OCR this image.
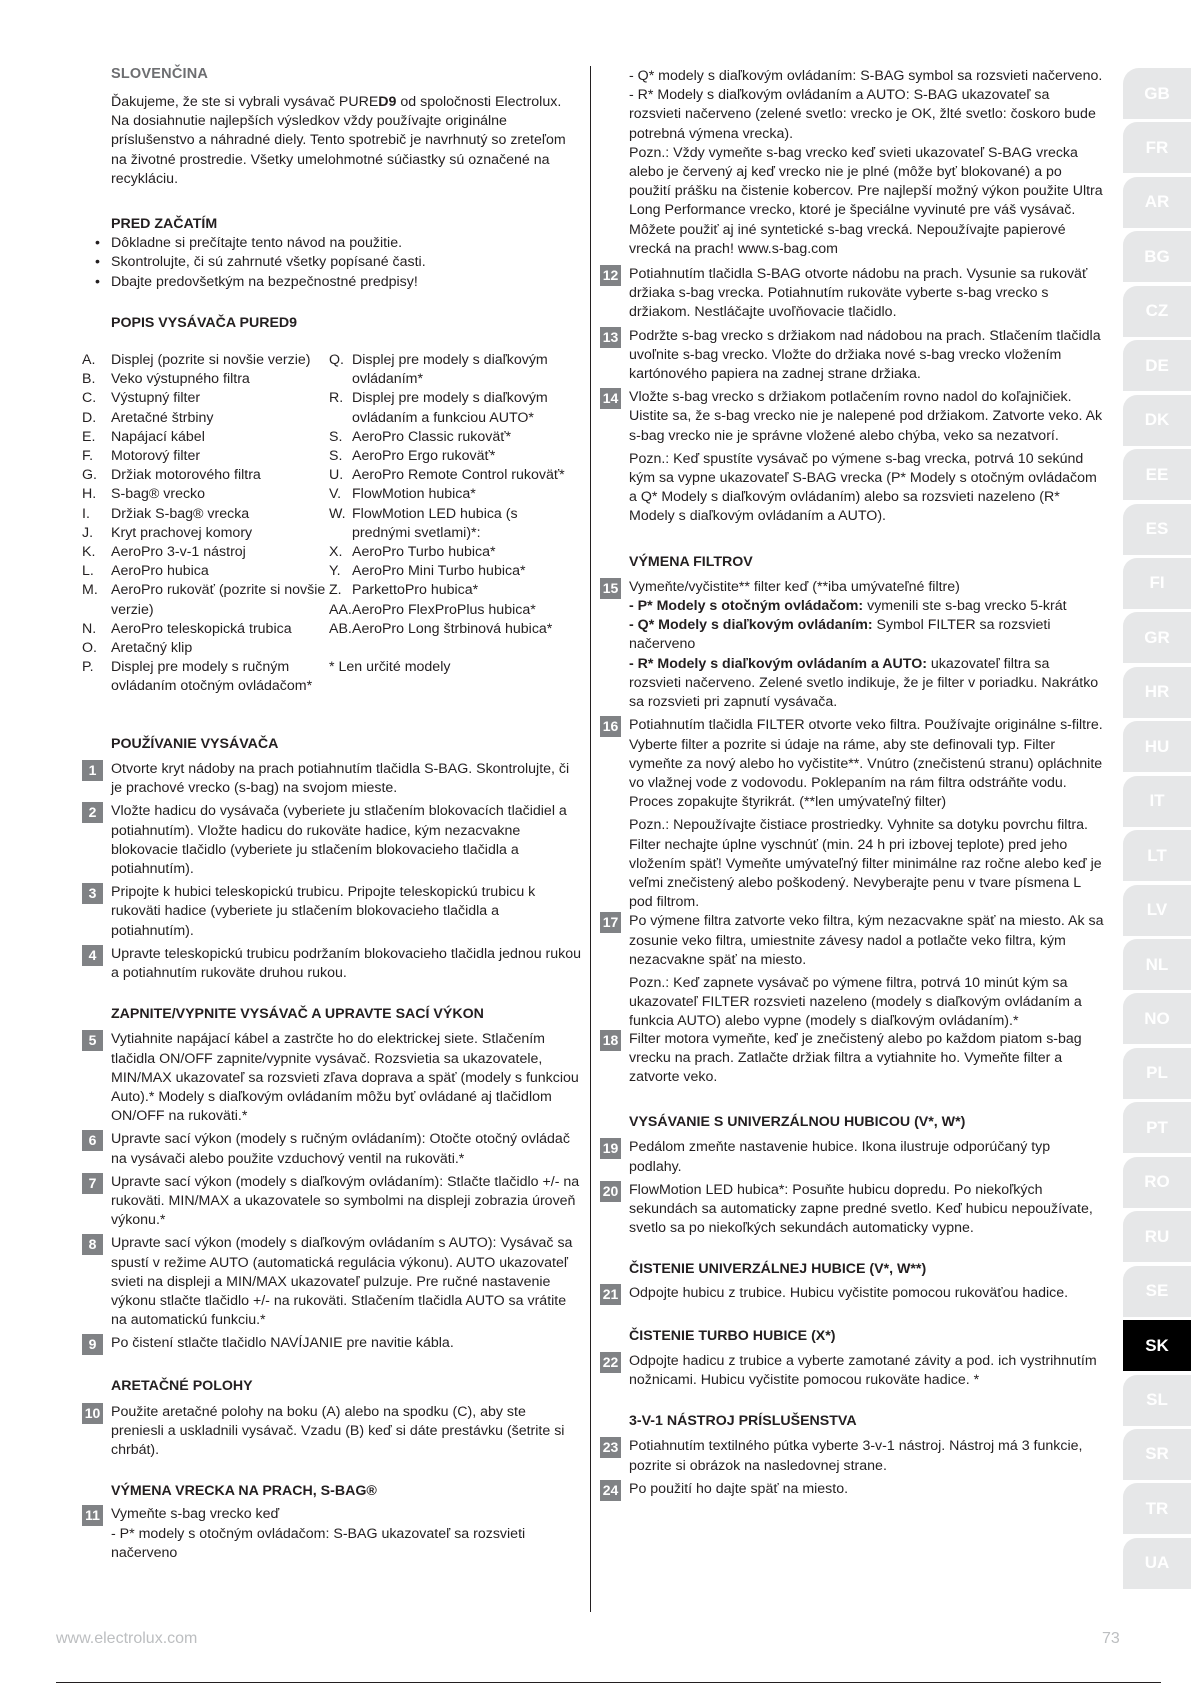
SLOVENČINA

Ďakujeme, že ste si vybrali vysávač PURED9 od spoločnosti Electrolux. Na dosiahnutie najlepších výsledkov vždy používajte originálne príslušenstvo a náhradné diely. Tento spotrebič je navrhnutý so zreteľom na životné prostredie. Všetky umelohmotné súčiastky sú označené na recykláciu.

PRED ZAČATÍM

• Dôkladne si prečítajte tento návod na použitie.
• Skontrolujte, či sú zahrnuté všetky popísané časti.
• Dbajte predovšetkým na bezpečnostné predpisy!

POPIS VYSÁVAČA PURED9

A.	Displej (pozrite si novšie verzie)
B.	Veko výstupného filtra
C.	Výstupný filter
D.	Aretačné štrbiny
E.	Napájací kábel
F.	Motorový filter
G. Držiak motorového filtra
H.	S-bag® vrecko
I.	Držiak S-bag® vrecka
J.	Kryt prachovej komory
K.	AeroPro 3-v-1 nástroj
L.	AeroPro hubica
M. AeroPro rukoväť (pozrite si novšie verzie)
N.	AeroPro teleskopická trubica
O. Aretačný klip
P.	Displej pre modely s ručným ovládaním otočným ovládačom*
Q. Displej pre modely s diaľkovým ovládaním*
R. Displej pre modely s diaľkovým ovládaním a funkciou AUTO*
S. AeroPro Classic rukoväť*
S. AeroPro Ergo rukoväť*
U. AeroPro Remote Control rukoväť*
V. FlowMotion hubica*
W. FlowMotion LED hubica (s prednými svetlami)*:
X. AeroPro Turbo hubica*
Y. AeroPro Mini Turbo hubica*
Z. ParkettoPro hubica*
AA. AeroPro FlexProPlus hubica*
AB. AeroPro Long štrbinová hubica*
* Len určité modely

POUŽÍVANIE VYSÁVAČA

1	Otvorte kryt nádoby na prach potiahnutím tlačidla S-BAG. Skontrolujte, či je prachové vrecko (s-bag) na svojom mieste.
2	Vložte hadicu do vysávača (vyberiete ju stlačením blokovacích tlačidiel a potiahnutím). Vložte hadicu do rukoväte hadice, kým nezacvakne blokovacie tlačidlo (vyberiete ju stlačením blokovacieho tlačidla a potiahnutím).
3	Pripojte k hubici teleskopickú trubicu. Pripojte teleskopickú trubicu k rukoväti hadice (vyberiete ju stlačením blokovacieho tlačidla a potiahnutím).
4	Upravte teleskopickú trubicu podržaním blokovacieho tlačidla jednou rukou a potiahnutím rukoväte druhou rukou.

ZAPNITE/VYPNITE VYSÁVAČ A UPRAVTE SACÍ VÝKON

5	Vytiahnite napájací kábel a zastrčte ho do elektrickej siete. Stlačením tlačidla ON/OFF zapnite/vypnite vysávač. Rozsvietia sa ukazovatele, MIN/MAX ukazovateľ sa rozsvieti zľava doprava a späť (modely s funkciou Auto).* Modely s diaľkovým ovládaním môžu byť ovládané aj tlačidlom ON/OFF na rukoväti.*
6	Upravte sací výkon (modely s ručným ovládaním): Otočte otočný ovládač na vysávači alebo použite vzduchový ventil na rukoväti.*
7	Upravte sací výkon (modely s diaľkovým ovládaním): Stlačte tlačidlo +/- na rukoväti. MIN/MAX a ukazovatele so symbolmi na displeji zobrazia úroveň výkonu.*
8	Upravte sací výkon (modely s diaľkovým ovládaním s AUTO): Vysávač sa spustí v režime AUTO (automatická regulácia výkonu). AUTO ukazovateľ svieti na displeji a MIN/MAX ukazovateľ pulzuje. Pre ručné nastavenie výkonu stlačte tlačidlo +/- na rukoväti. Stlačením tlačidla AUTO sa vrátite na automatickú funkciu.*
9	Po čistení stlačte tlačidlo NAVÍJANIE pre navitie kábla.

ARETAČNÉ POLOHY

10 Použite aretačné polohy na boku (A) alebo na spodku (C), aby ste preniesli a uskladnili vysávač. Vzadu (B) keď si dáte prestávku (šetrite si chrbát).

VÝMENA VRECKA NA PRACH, S-BAG®

11 Vymeňte s-bag vrecko keď
- P* modely s otočným ovládačom: S-BAG ukazovateľ sa rozsvieti načerveno

- Q* modely s diaľkovým ovládaním: S-BAG symbol sa rozsvieti načerveno.

- R* Modely s diaľkovým ovládaním a AUTO: S-BAG ukazovateľ sa rozsvieti načerveno (zelené svetlo: vrecko je OK, žlté svetlo: čoskoro bude potrebná výmena vrecka).

Pozn.: Vždy vymeňte s-bag vrecko keď svieti ukazovateľ S-BAG vrecka alebo je červený aj keď vrecko nie je plné (môže byť blokované) a po použití prášku na čistenie kobercov. Pre najlepší možný výkon použite Ultra Long Performance vrecko, ktoré je špeciálne vyvinuté pre váš vysávač. Môžete použiť aj iné syntetické s-bag vrecká. Nepoužívajte papierové vrecká na prach! www.s-bag.com

12 Potiahnutím tlačidla S-BAG otvorte nádobu na prach. Vysunie sa rukoväť držiaka s-bag vrecka. Potiahnutím rukoväte vyberte s-bag vrecko s držiakom. Nestláčajte uvoľňovacie tlačidlo.
13 Podržte s-bag vrecko s držiakom nad nádobou na prach. Stlačením tlačidla uvoľnite s-bag vrecko. Vložte do držiaka nové s-bag vrecko vložením kartónového papiera na zadnej strane držiaka.
14 Vložte s-bag vrecko s držiakom potlačením rovno nadol do koľajničiek. Uistite sa, že s-bag vrecko nie je nalepené pod držiakom. Zatvorte veko. Ak s-bag vrecko nie je správne vložené alebo chýba, veko sa nezatvorí.

Pozn.: Keď spustíte vysávač po výmene s-bag vrecka, potrvá 10 sekúnd kým sa vypne ukazovateľ S-BAG vrecka (P* Modely s otočným ovládačom a Q* Modely s diaľkovým ovládaním) alebo sa rozsvieti nazeleno (R* Modely s diaľkovým ovládaním a AUTO).

VÝMENA FILTROV

15 Vymeňte/vyčistite** filter keď (**iba umývateľné filtre)
- P* Modely s otočným ovládačom: vymenili ste s-bag vrecko 5-krát
- Q* Modely s diaľkovým ovládaním: Symbol FILTER sa rozsvieti načerveno
- R* Modely s diaľkovým ovládaním a AUTO: ukazovateľ filtra sa rozsvieti načerveno. Zelené svetlo indikuje, že je filter v poriadku. Nakrátko sa rozsvieti pri zapnutí vysávača.
16 Potiahnutím tlačidla FILTER otvorte veko filtra. Používajte originálne s-filtre. Vyberte filter a pozrite si údaje na ráme, aby ste definovali typ. Filter vymeňte za nový alebo ho vyčistite**. Vnútro (znečistenú stranu) opláchnite vo vlažnej vode z vodovodu. Poklepaním na rám filtra odstráňte vodu. Proces zopakujte štyrikrát. (**len umývateľný filter)

Pozn.: Nepoužívajte čistiace prostriedky. Vyhnite sa dotyku povrchu filtra. Filter nechajte úplne vyschnúť (min. 24 h pri izbovej teplote) pred jeho vložením späť! Vymeňte umývateľný filter minimálne raz ročne alebo keď je veľmi znečistený alebo poškodený. Nevyberajte penu v tvare písmena L pod filtrom.

17 Po výmene filtra zatvorte veko filtra, kým nezacvakne späť na miesto. Ak sa zosunie veko filtra, umiestnite závesy nadol a potlačte veko filtra, kým nezacvakne späť na miesto.

Pozn.: Keď zapnete vysávač po výmene filtra, potrvá 10 minút kým sa ukazovateľ FILTER rozsvieti nazeleno (modely s diaľkovým ovládaním a funkcia AUTO) alebo vypne (modely s diaľkovým ovládaním).*

18 Filter motora vymeňte, keď je znečistený alebo po každom piatom s-bag vrecku na prach. Zatlačte držiak filtra a vytiahnite ho. Vymeňte filter a zatvorte veko.

VYSÁVANIE S UNIVERZÁLNOU HUBICOU (V*, W*)

19 Pedálom zmeňte nastavenie hubice. Ikona ilustruje odporúčaný typ podlahy.
20 FlowMotion LED hubica*: Posuňte hubicu dopredu. Po niekoľkých sekundách sa automaticky zapne predné svetlo. Keď hubicu nepoužívate, svetlo sa po niekoľkých sekundách automaticky vypne.

ČISTENIE UNIVERZÁLNEJ HUBICE (V*, W**)

21 Odpojte hubicu z trubice. Hubicu vyčistite pomocou rukoväťou hadice.

ČISTENIE TURBO HUBICE (X*)

22 Odpojte hadicu z trubice a vyberte zamotané závity a pod. ich vystrihnutím nožnicami. Hubicu vyčistite pomocou rukoväte hadice. *

3-V-1 NÁSTROJ PRÍSLUŠENSTVA

23 Potiahnutím textilného pútka vyberte 3-v-1 nástroj. Nástroj má 3 funkcie, pozrite si obrázok na nasledovnej strane.
24 Po použití ho dajte späť na miesto.
GB
FR
AR
BG
CZ
DE
DK
EE
ES
FI
GR
HR
HU
IT
LT
LV
NL
NO
PL
PT
RO
RU
SE
SK
SL
SR
TR
UA
www.electrolux.com	73
